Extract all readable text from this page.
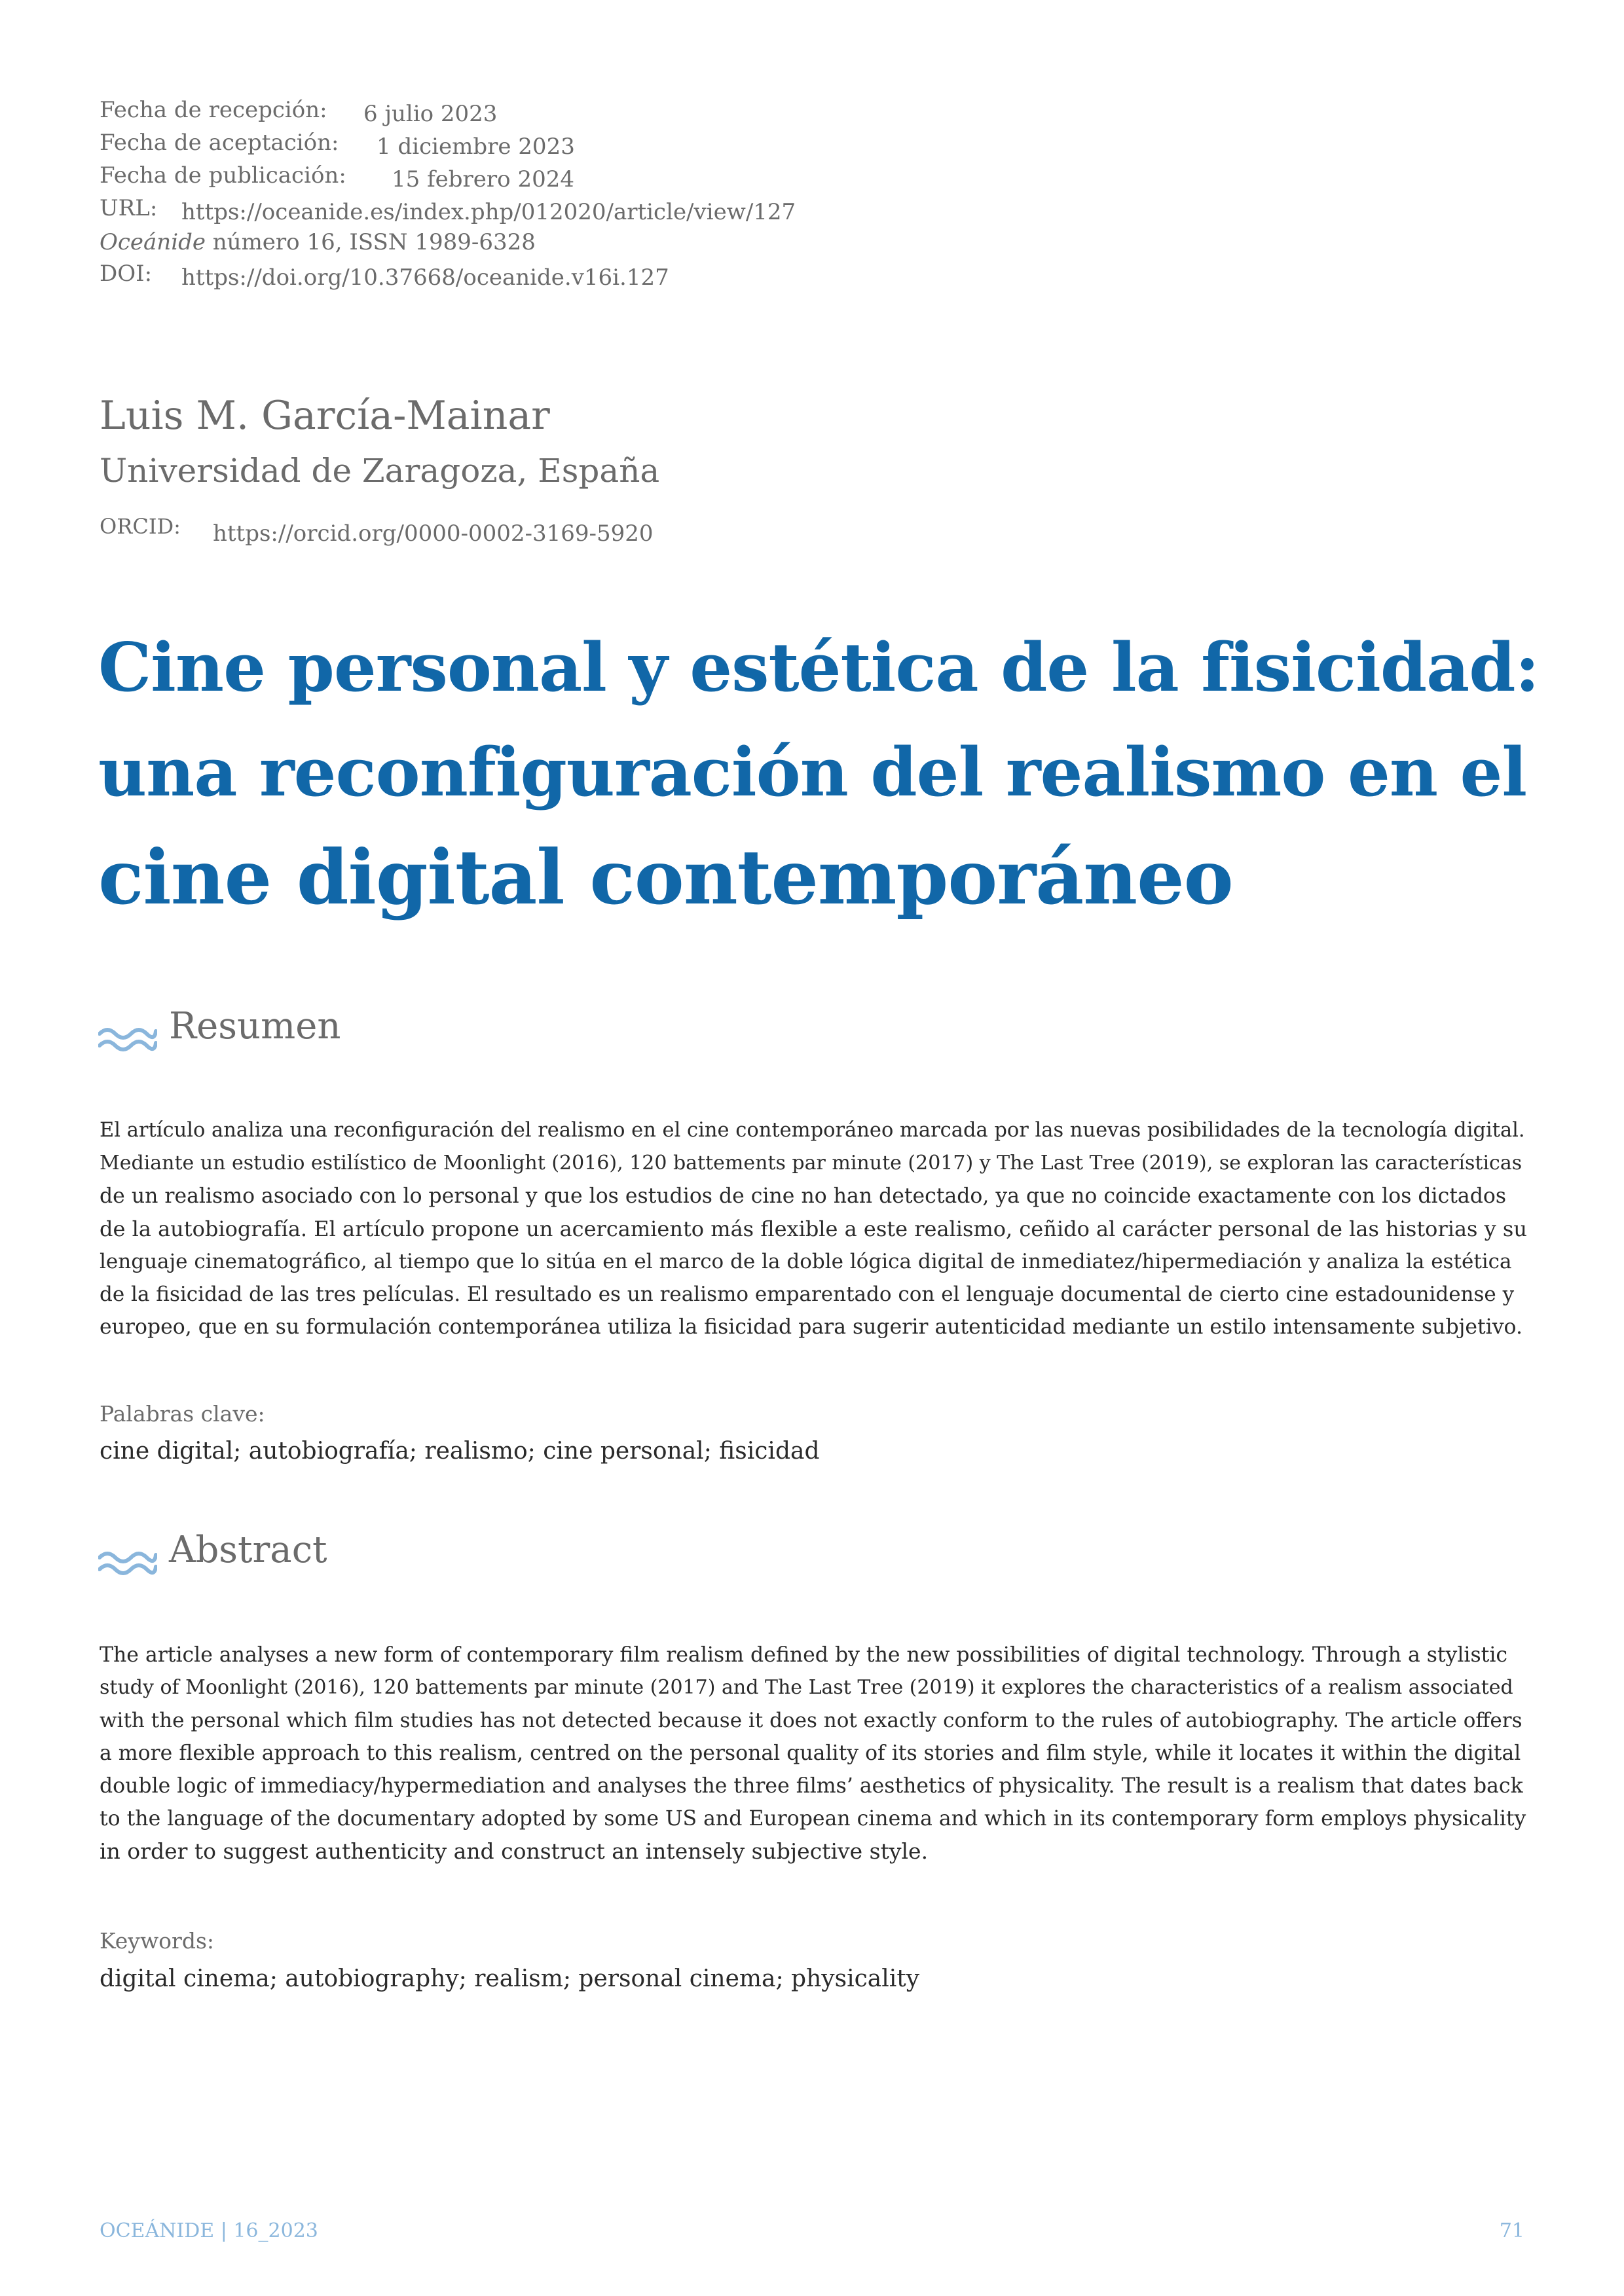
Fecha de recepción: 6 julio 2023
Fecha de aceptación: 1 diciembre 2023
Fecha de publicación: 15 febrero 2024
URL: https://oceanide.es/index.php/012020/article/view/127
Oceánide número 16, ISSN 1989-6328
DOI: https://doi.org/10.37668/oceanide.v16i.127
Luis M. García-Mainar
Universidad de Zaragoza, España
ORCID: https://orcid.org/0000-0002-3169-5920
Cine personal y estética de la fisicidad:
una reconfiguración del realismo en el
cine digital contemporáneo
Resumen
El artículo analiza una reconfiguración del realismo en el cine contemporáneo marcada por las nuevas posibilidades de la tecnología digital.
Mediante un estudio estilístico de Moonlight (2016), 120 battements par minute (2017) y The Last Tree (2019), se exploran las características
de un realismo asociado con lo personal y que los estudios de cine no han detectado, ya que no coincide exactamente con los dictados
de la autobiografía. El artículo propone un acercamiento más flexible a este realismo, ceñido al carácter personal de las historias y su
lenguaje cinematográfico, al tiempo que lo sitúa en el marco de la doble lógica digital de inmediatez/hipermediación y analiza la estética
de la fisicidad de las tres películas. El resultado es un realismo emparentado con el lenguaje documental de cierto cine estadounidense y
europeo, que en su formulación contemporánea utiliza la fisicidad para sugerir autenticidad mediante un estilo intensamente subjetivo.
Palabras clave:
cine digital; autobiografía; realismo; cine personal; fisicidad
Abstract
The article analyses a new form of contemporary film realism defined by the new possibilities of digital technology. Through a stylistic
study of Moonlight (2016), 120 battements par minute (2017) and The Last Tree (2019) it explores the characteristics of a realism associated
with the personal which film studies has not detected because it does not exactly conform to the rules of autobiography. The article offers
a more flexible approach to this realism, centred on the personal quality of its stories and film style, while it locates it within the digital
double logic of immediacy/hypermediation and analyses the three films’ aesthetics of physicality. The result is a realism that dates back
to the language of the documentary adopted by some US and European cinema and which in its contemporary form employs physicality
in order to suggest authenticity and construct an intensely subjective style.
Keywords:
digital cinema; autobiography; realism; personal cinema; physicality
OCEÁNIDE | 16_2023	71
